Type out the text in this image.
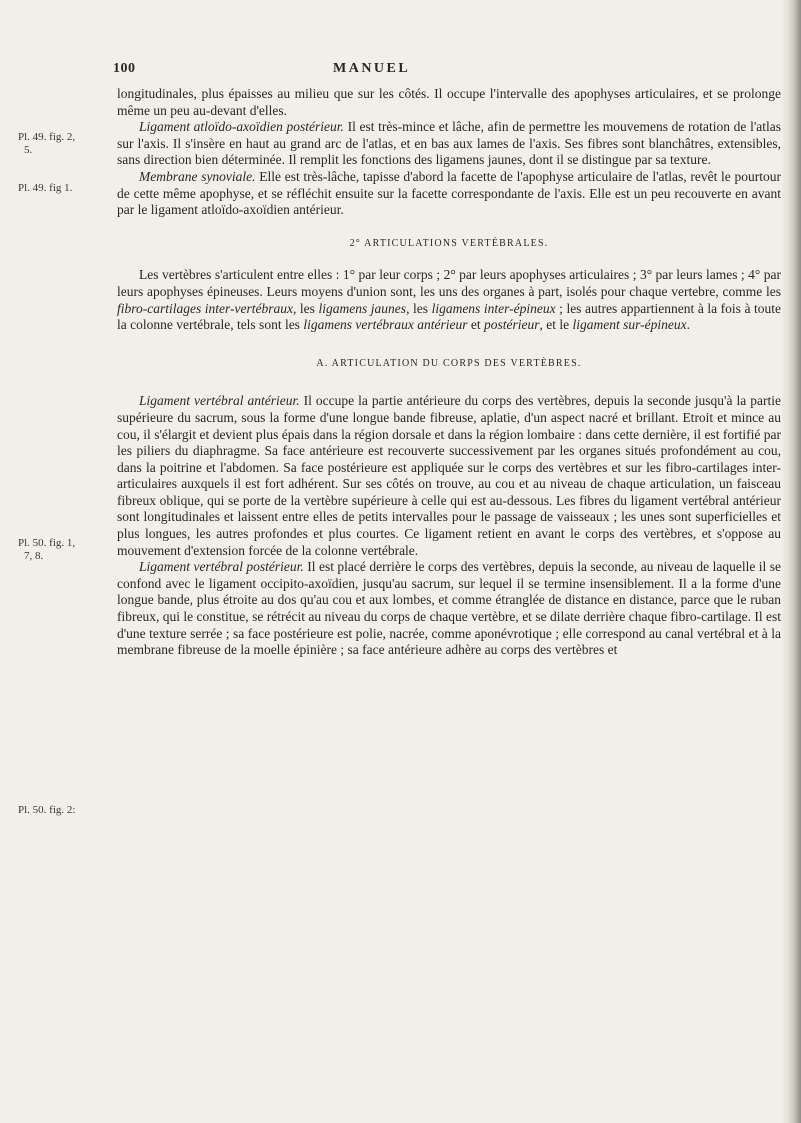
100	MANUEL
Pl. 49. fig. 2,
5.
Pl. 49. fig 1.
Pl. 50. fig. 1,
7, 8.
Pl. 50. fig. 2:

longitudinales, plus épaisses au milieu que sur les côtés. Il occupe l'intervalle des apophyses articulaires, et se prolonge même un peu au-devant d'elles.

Ligament atloïdo-axoïdien postérieur. Il est très-mince et lâche, afin de permettre les mouvemens de rotation de l'atlas sur l'axis. Il s'insère en haut au grand arc de l'atlas, et en bas aux lames de l'axis. Ses fibres sont blanchâtres, extensibles, sans direction bien déterminée. Il remplit les fonctions des ligamens jaunes, dont il se distingue par sa texture.

Membrane synoviale. Elle est très-lâche, tapisse d'abord la facette de l'apophyse articulaire de l'atlas, revêt le pourtour de cette même apophyse, et se réfléchit ensuite sur la facette correspondante de l'axis. Elle est un peu recouverte en avant par le ligament atloïdo-axoïdien antérieur.

2° ARTICULATIONS VERTÉBRALES.

Les vertèbres s'articulent entre elles : 1° par leur corps ; 2° par leurs apophyses articulaires ; 3° par leurs lames ; 4° par leurs apophyses épineuses. Leurs moyens d'union sont, les uns des organes à part, isolés pour chaque vertebre, comme les fibro-cartilages inter-vertébraux, les ligamens jaunes, les ligamens inter-épineux ; les autres appartiennent à la fois à toute la colonne vertébrale, tels sont les ligamens vertébraux antérieur et postérieur, et le ligament sur-épineux.

A. ARTICULATION DU CORPS DES VERTÈBRES.

Ligament vertébral antérieur. Il occupe la partie antérieure du corps des vertèbres, depuis la seconde jusqu'à la partie supérieure du sacrum, sous la forme d'une longue bande fibreuse, aplatie, d'un aspect nacré et brillant. Etroit et mince au cou, il s'élargit et devient plus épais dans la région dorsale et dans la région lombaire : dans cette dernière, il est fortifié par les piliers du diaphragme. Sa face antérieure est recouverte successivement par les organes situés profondément au cou, dans la poitrine et l'abdomen. Sa face postérieure est appliquée sur le corps des vertèbres et sur les fibro-cartilages inter-articulaires auxquels il est fort adhérent. Sur ses côtés on trouve, au cou et au niveau de chaque articulation, un faisceau fibreux oblique, qui se porte de la vertèbre supérieure à celle qui est au-dessous. Les fibres du ligament vertébral antérieur sont longitudinales et laissent entre elles de petits intervalles pour le passage de vaisseaux ; les unes sont superficielles et plus longues, les autres profondes et plus courtes. Ce ligament retient en avant le corps des vertèbres, et s'oppose au mouvement d'extension forcée de la colonne vertébrale.

Ligament vertébral postérieur. Il est placé derrière le corps des vertèbres, depuis la seconde, au niveau de laquelle il se confond avec le ligament occipito-axoïdien, jusqu'au sacrum, sur lequel il se termine insensiblement. Il a la forme d'une longue bande, plus étroite au dos qu'au cou et aux lombes, et comme étranglée de distance en distance, parce que le ruban fibreux, qui le constitue, se rétrécit au niveau du corps de chaque vertèbre, et se dilate derrière chaque fibro-cartilage. Il est d'une texture serrée ; sa face postérieure est polie, nacrée, comme aponévrotique ; elle correspond au canal vertébral et à la membrane fibreuse de la moelle épinière ; sa face antérieure adhère au corps des vertèbres et
